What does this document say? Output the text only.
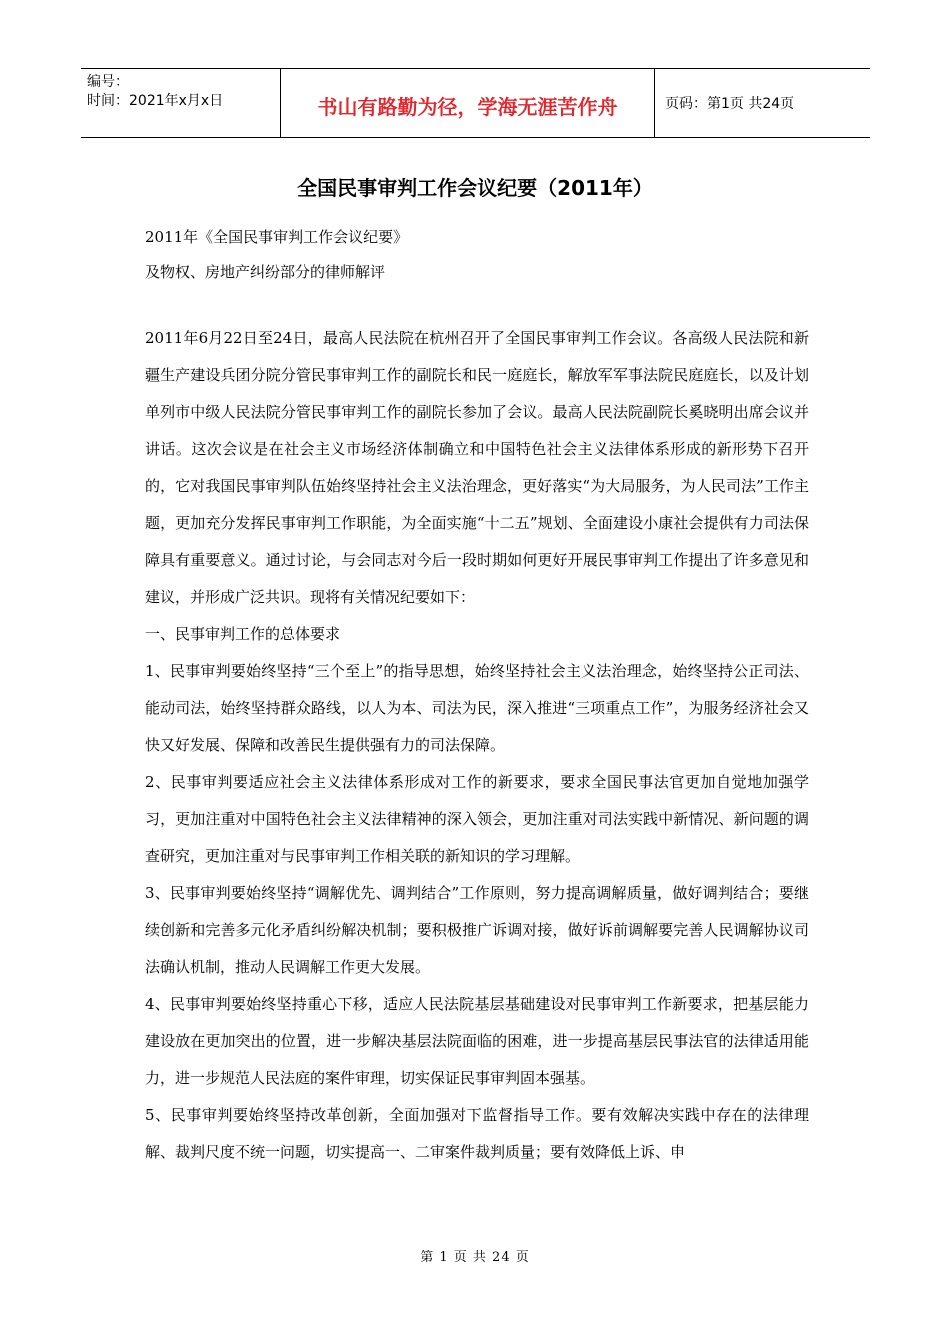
编号：
时间：2021年x月x日	书山有路勤为径，学海无涯苦作舟	页码：第1页 共24页
全国民事审判工作会议纪要（2011年）
2011年《全国民事审判工作会议纪要》
及物权、房地产纠纷部分的律师解评

2011年6月22日至24日，最高人民法院在杭州召开了全国民事审判工作会议。各高级人民法院和新疆生产建设兵团分院分管民事审判工作的副院长和民一庭庭长，解放军军事法院民庭庭长，以及计划单列市中级人民法院分管民事审判工作的副院长参加了会议。最高人民法院副院长奚晓明出席会议并讲话。这次会议是在社会主义市场经济体制确立和中国特色社会主义法律体系形成的新形势下召开的，它对我国民事审判队伍始终坚持社会主义法治理念，更好落实“为大局服务，为人民司法”工作主题，更加充分发挥民事审判工作职能，为全面实施“十二五”规划、全面建设小康社会提供有力司法保障具有重要意义。通过讨论，与会同志对今后一段时期如何更好开展民事审判工作提出了许多意见和建议，并形成广泛共识。现将有关情况纪要如下：

一、民事审判工作的总体要求

1、民事审判要始终坚持“三个至上”的指导思想，始终坚持社会主义法治理念，始终坚持公正司法、能动司法，始终坚持群众路线，以人为本、司法为民，深入推进“三项重点工作”，为服务经济社会又快又好发展、保障和改善民生提供强有力的司法保障。

2、民事审判要适应社会主义法律体系形成对工作的新要求，要求全国民事法官更加自觉地加强学习，更加注重对中国特色社会主义法律精神的深入领会，更加注重对司法实践中新情况、新问题的调查研究，更加注重对与民事审判工作相关联的新知识的学习理解。

3、民事审判要始终坚持“调解优先、调判结合”工作原则，努力提高调解质量，做好调判结合；要继续创新和完善多元化矛盾纠纷解决机制；要积极推广诉调对接，做好诉前调解要完善人民调解协议司法确认机制，推动人民调解工作更大发展。

4、民事审判要始终坚持重心下移，适应人民法院基层基础建设对民事审判工作新要求，把基层能力建设放在更加突出的位置，进一步解决基层法院面临的困难，进一步提高基层民事法官的法律适用能力，进一步规范人民法庭的案件审理，切实保证民事审判固本强基。

5、民事审判要始终坚持改革创新，全面加强对下监督指导工作。要有效解决实践中存在的法律理解、裁判尺度不统一问题，切实提高一、二审案件裁判质量；要有效降低上诉、申

第 1 页 共 24 页
